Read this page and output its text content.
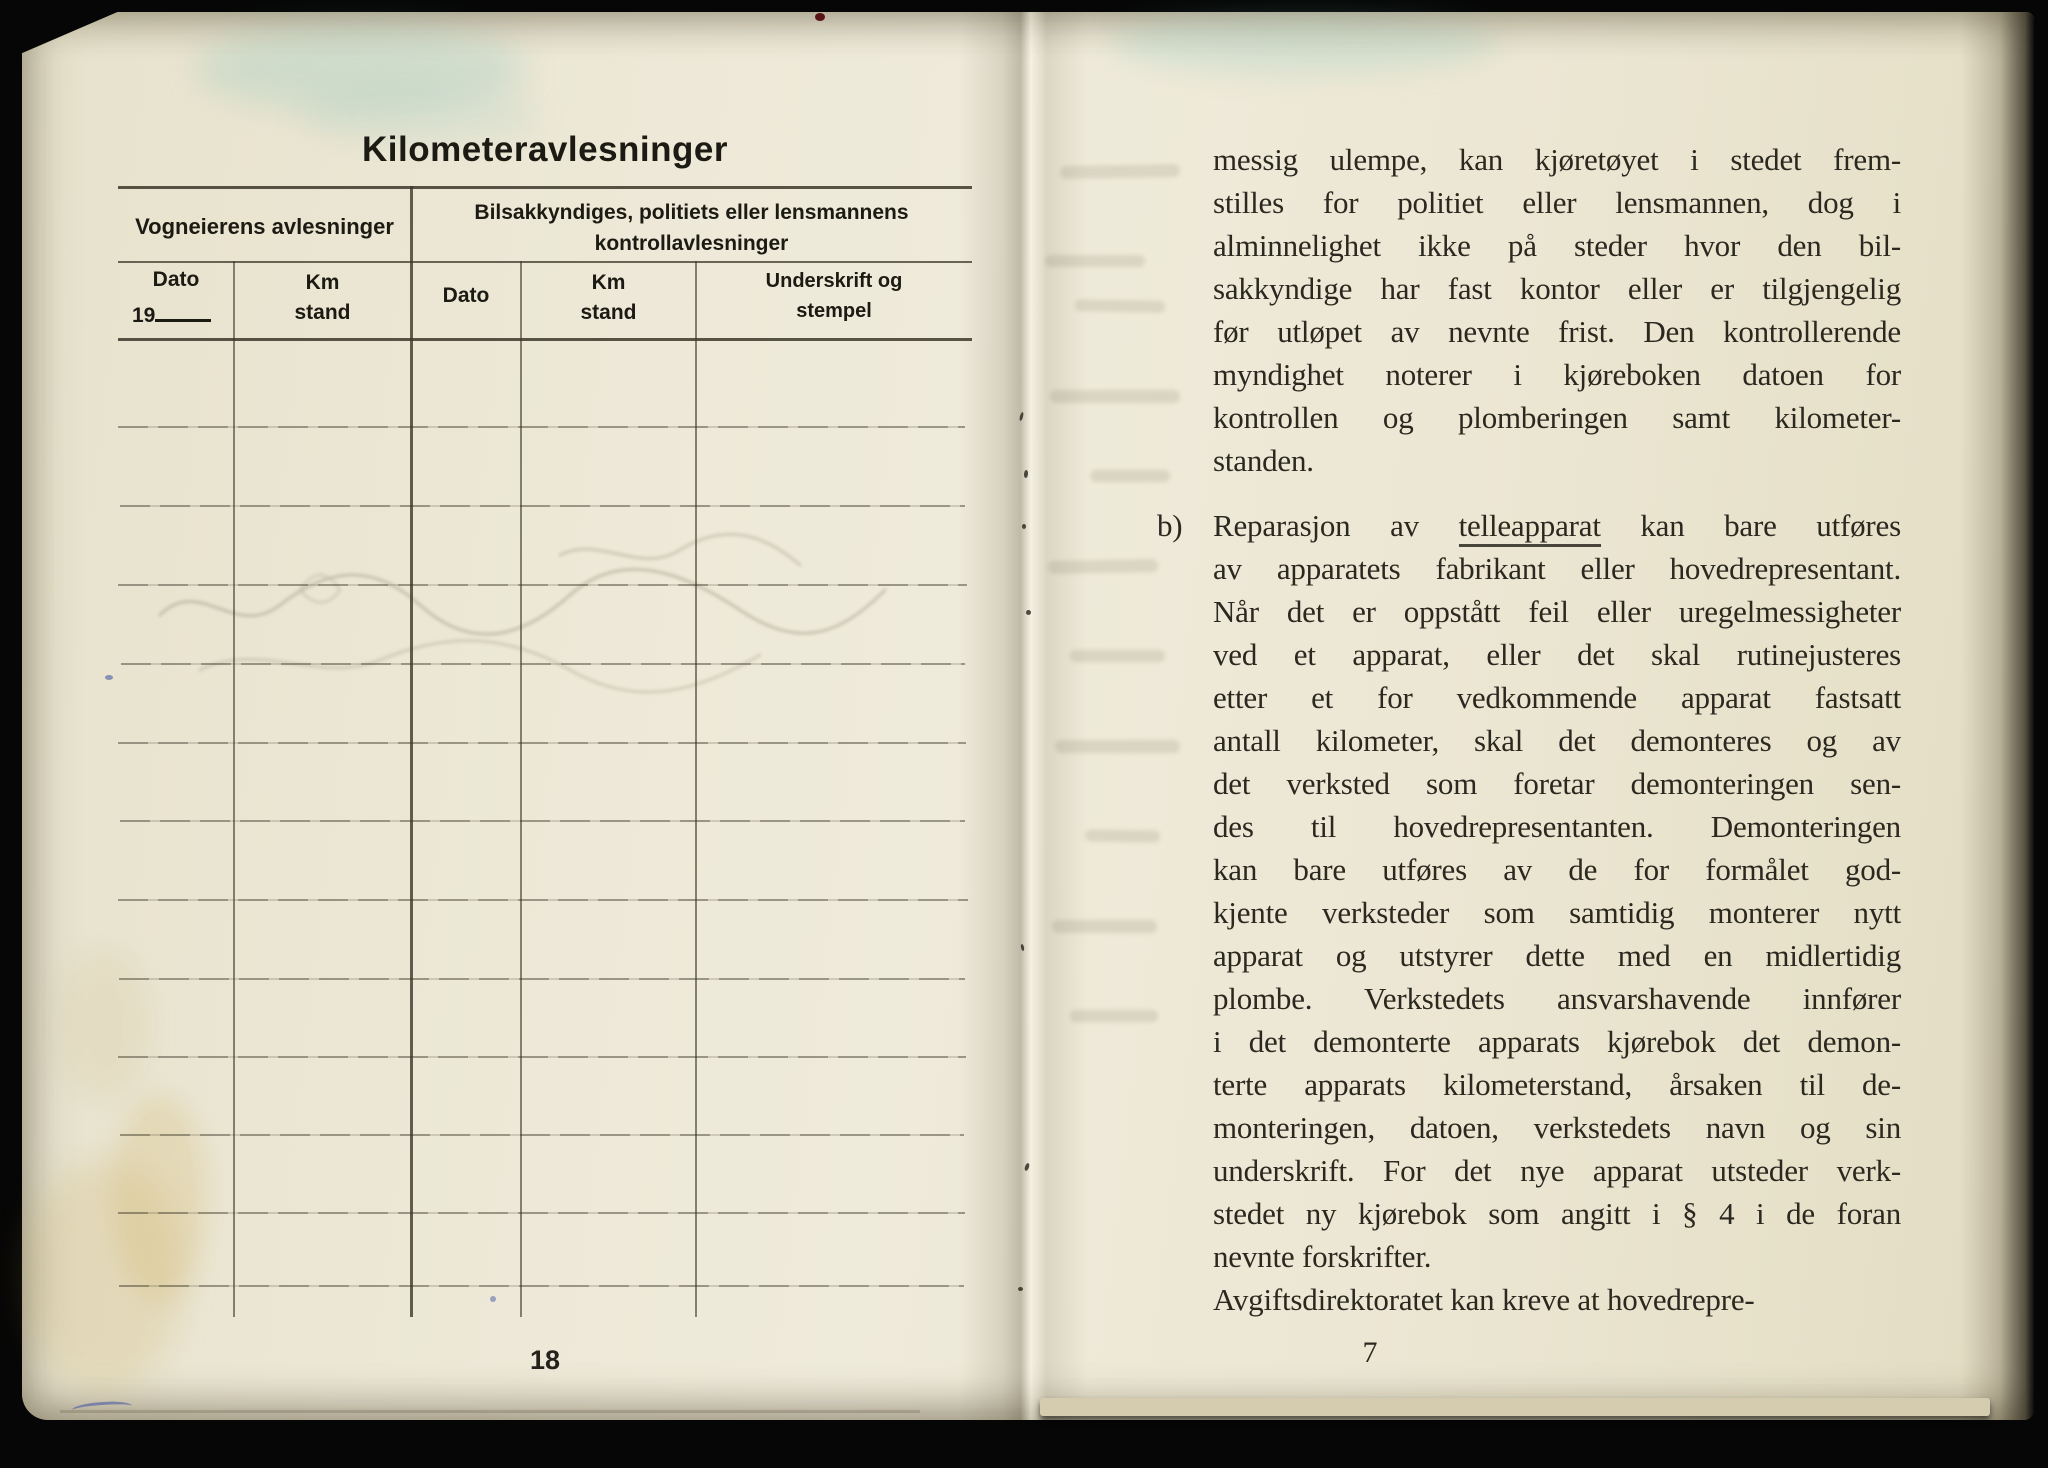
Kilometeravlesninger
Vogneierens avlesninger
Bilsakkyndiges, politiets eller lensmannens
kontrollavlesninger
Dato
19
Km
stand
Dato
Km
stand
Underskrift og
stempel
18
messig ulempe, kan kjøretøyet i stedet frem-
stilles for politiet eller lensmannen, dog i
alminnelighet ikke på steder hvor den bil-
sakkyndige har fast kontor eller er tilgjengelig
før utløpet av nevnte frist. Den kontrollerende
myndighet noterer i kjøreboken datoen for
kontrollen og plomberingen samt kilometer-
standen.
b) Reparasjon av telleapparat kan bare utføres
av apparatets fabrikant eller hovedrepresentant.
Når det er oppstått feil eller uregelmessigheter
ved et apparat, eller det skal rutinejusteres
etter et for vedkommende apparat fastsatt
antall kilometer, skal det demonteres og av
det verksted som foretar demonteringen sen-
des til hovedrepresentanten. Demonteringen
kan bare utføres av de for formålet god-
kjente verksteder som samtidig monterer nytt
apparat og utstyrer dette med en midlertidig
plombe. Verkstedets ansvarshavende innfører
i det demonterte apparats kjørebok det demon-
terte apparats kilometerstand, årsaken til de-
monteringen, datoen, verkstedets navn og sin
underskrift. For det nye apparat utsteder verk-
stedet ny kjørebok som angitt i § 4 i de foran
nevnte forskrifter.
Avgiftsdirektoratet kan kreve at hovedrepre-
7
